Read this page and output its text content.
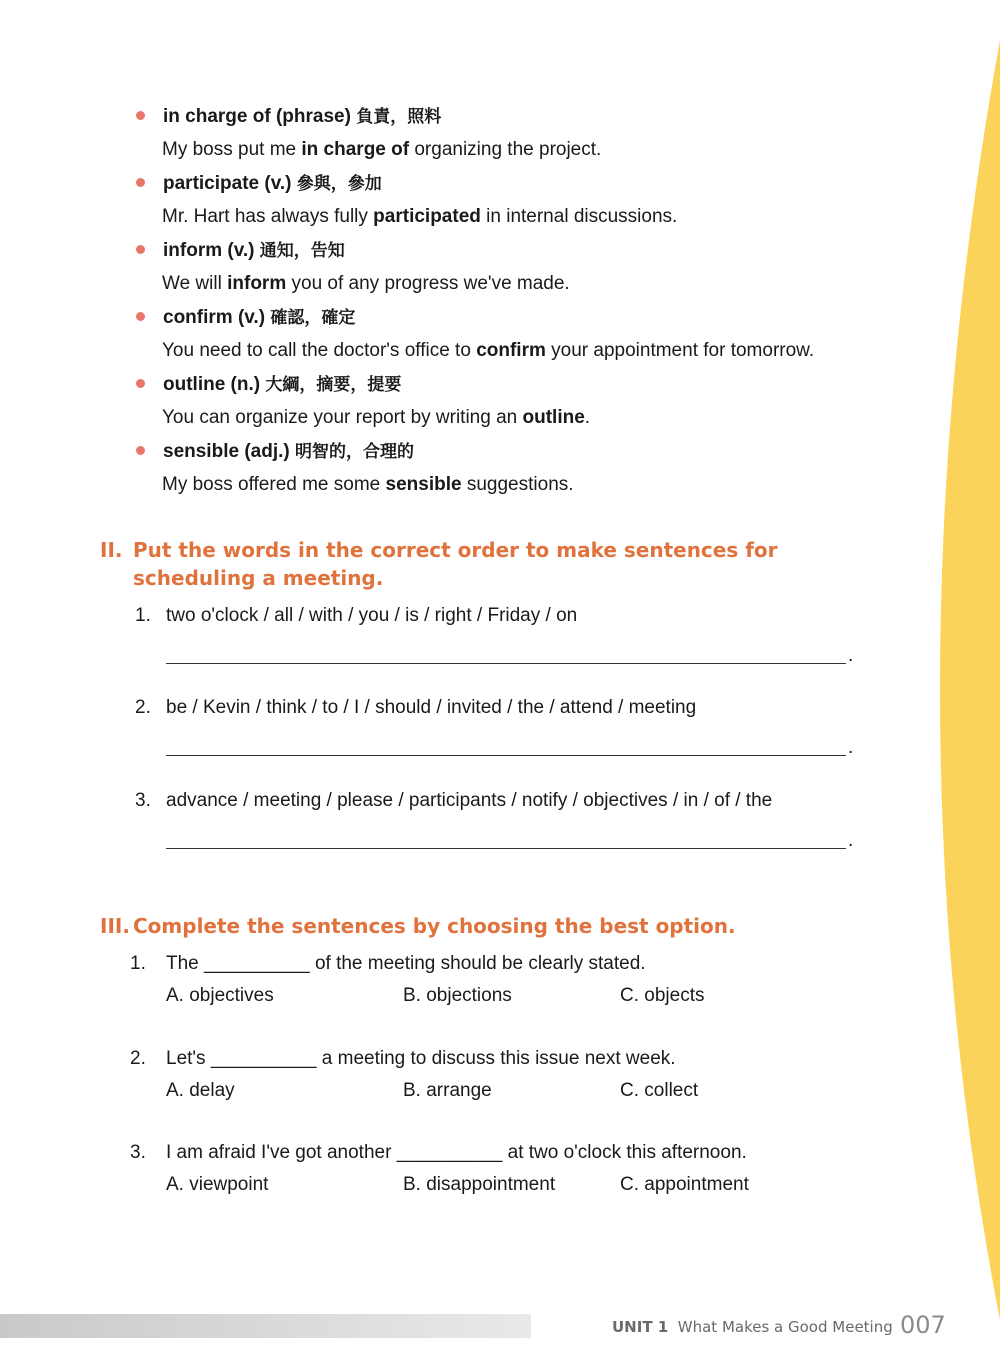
in charge of (phrase) 負責，照料
My boss put me in charge of organizing the project.
participate (v.) 參與，參加
Mr. Hart has always fully participated in internal discussions.
inform (v.) 通知，告知
We will inform you of any progress we've made.
confirm (v.) 確認，確定
You need to call the doctor's office to confirm your appointment for tomorrow.
outline (n.) 大綱，摘要，提要
You can organize your report by writing an outline.
sensible (adj.) 明智的，合理的
My boss offered me some sensible suggestions.
II. Put the words in the correct order to make sentences for scheduling a meeting.
1. two o'clock / all / with / you / is / right / Friday / on
.
2. be / Kevin / think / to / I / should / invited / the / attend / meeting
.
3. advance / meeting / please / participants / notify / objectives / in / of / the
.
III. Complete the sentences by choosing the best option.
1. The __________ of the meeting should be clearly stated.
A. objectives	B. objections	C. objects
2. Let's __________ a meeting to discuss this issue next week.
A. delay	B. arrange	C. collect
3. I am afraid I've got another __________ at two o'clock this afternoon.
A. viewpoint	B. disappointment	C. appointment
UNIT 1 What Makes a Good Meeting 007
